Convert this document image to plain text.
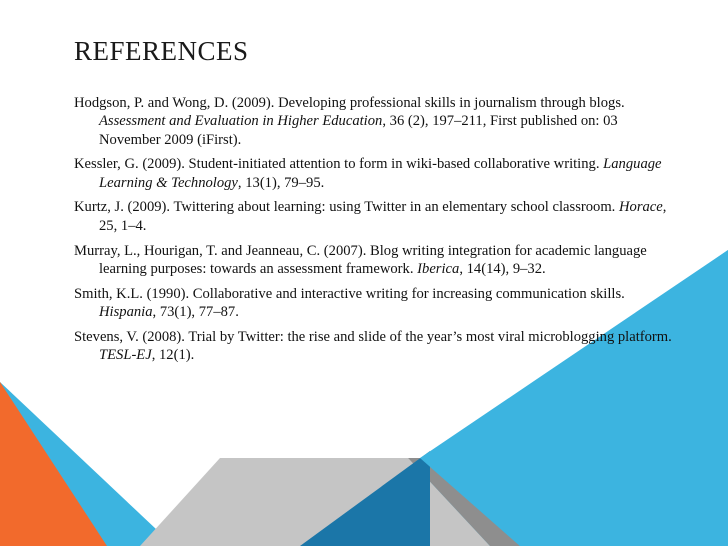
REFERENCES
Hodgson, P. and Wong, D. (2009). Developing professional skills in journalism through blogs. Assessment and Evaluation in Higher Education, 36 (2), 197–211, First published on: 03 November 2009 (iFirst).
Kessler, G. (2009). Student-initiated attention to form in wiki-based collaborative writing. Language Learning & Technology, 13(1), 79–95.
Kurtz, J. (2009). Twittering about learning: using Twitter in an elementary school classroom. Horace, 25, 1–4.
Murray, L., Hourigan, T. and Jeanneau, C. (2007). Blog writing integration for academic language learning purposes: towards an assessment framework. Iberica, 14(14), 9–32.
Smith, K.L. (1990). Collaborative and interactive writing for increasing communication skills. Hispania, 73(1), 77–87.
Stevens, V. (2008). Trial by Twitter: the rise and slide of the year’s most viral microblogging platform. TESL-EJ, 12(1).
